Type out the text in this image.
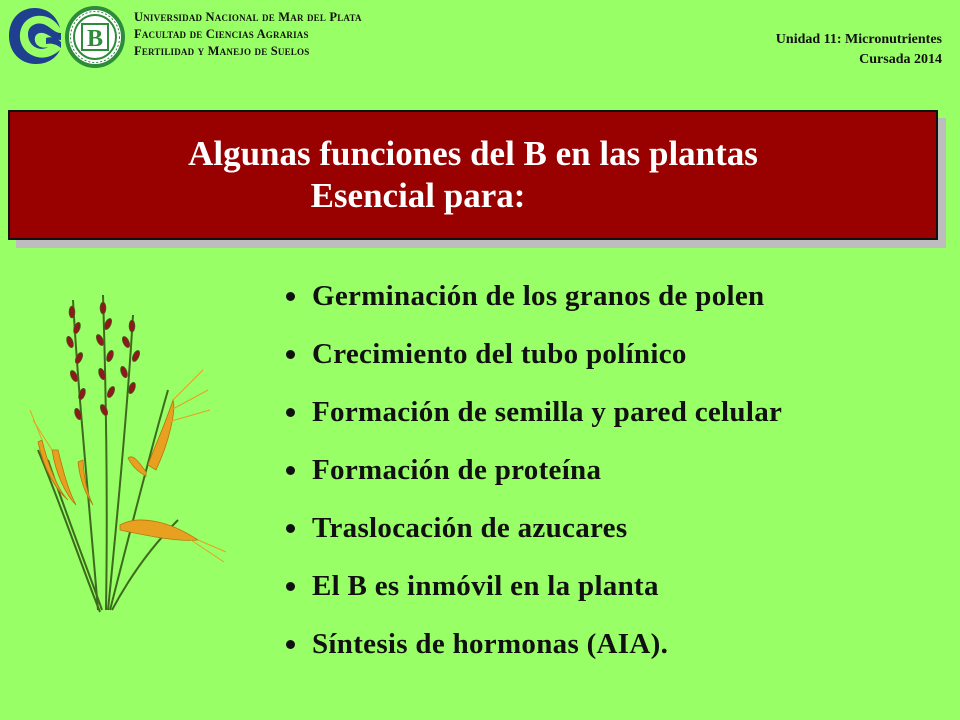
B
Universidad Nacional de Mar del Plata
Facultad de Ciencias Agrarias
Fertilidad y Manejo de Suelos
Unidad 11: Micronutrientes
Cursada 2014
Algunas funciones del B en las plantas
Esencial para:
Germinación de los granos de polen
Crecimiento del tubo polínico
Formación de semilla y pared celular
Formación de proteína
Traslocación de azucares
El B es inmóvil en la planta
Síntesis de hormonas (AIA).
